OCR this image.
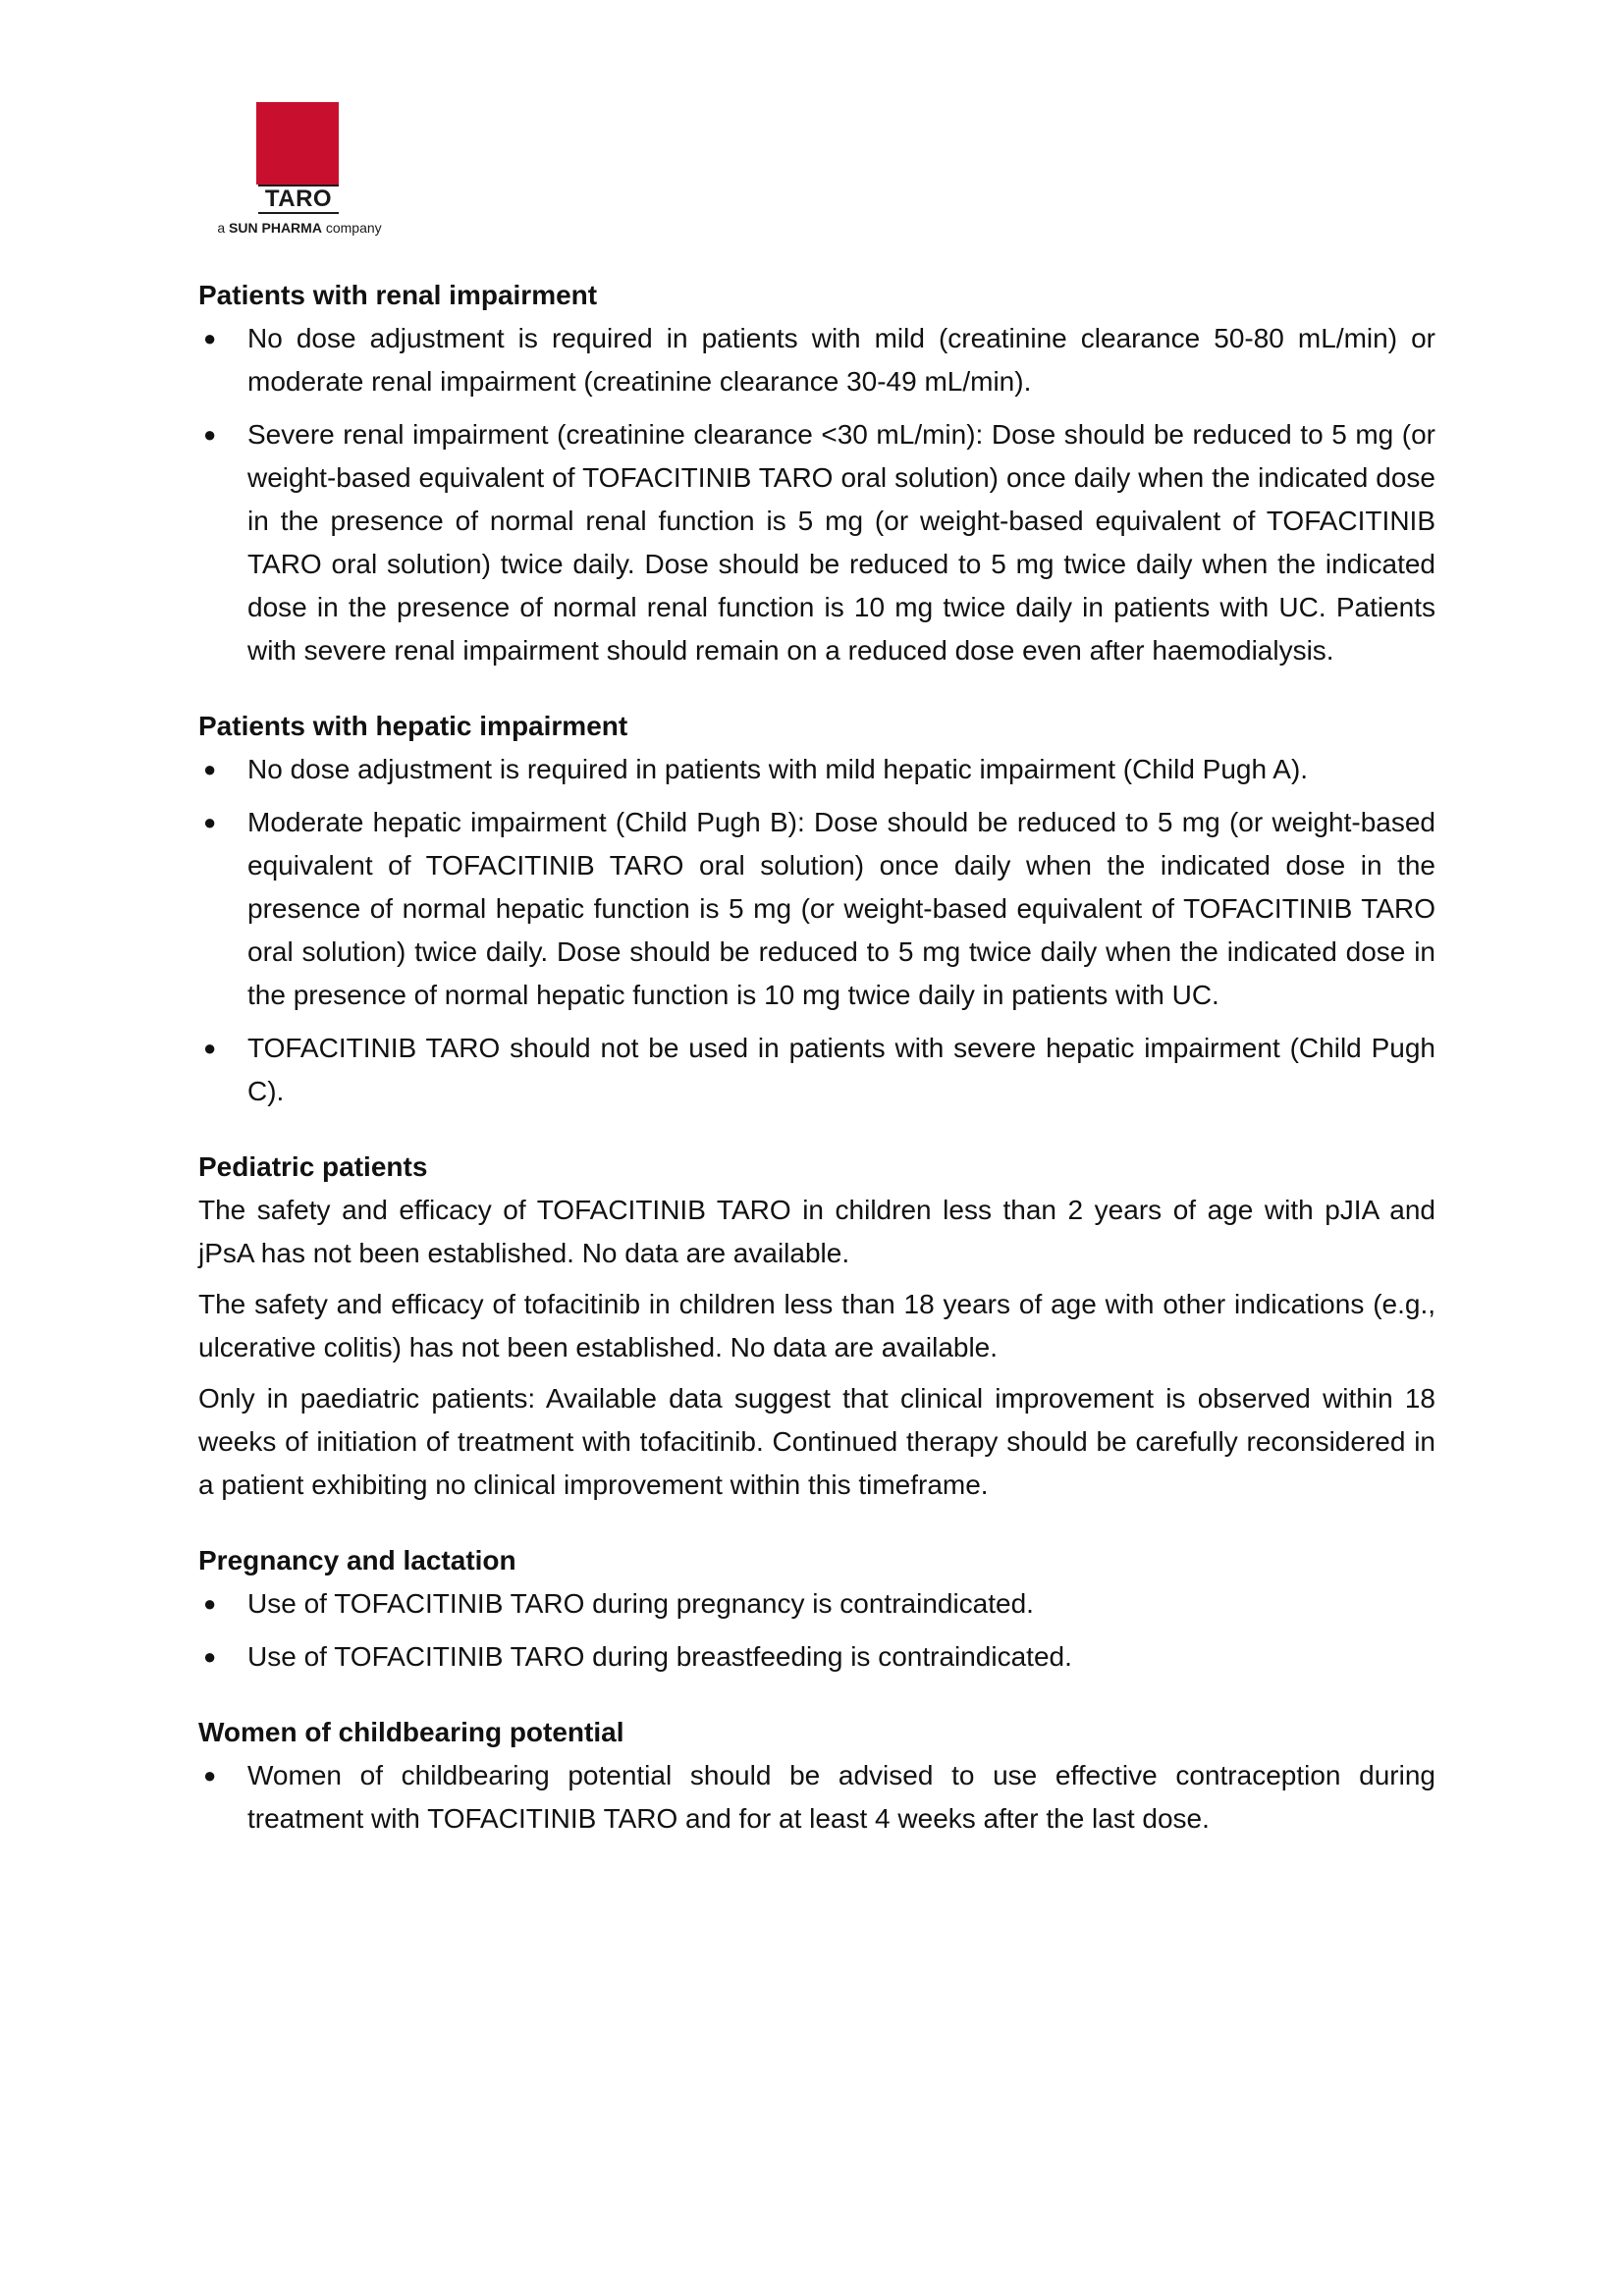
TARO
a SUN PHARMA company
Patients with renal impairment
● No dose adjustment is required in patients with mild (creatinine clearance 50-80 mL/min) or moderate renal impairment (creatinine clearance 30-49 mL/min).
● Severe renal impairment (creatinine clearance <30 mL/min): Dose should be reduced to 5 mg (or weight-based equivalent of TOFACITINIB TARO oral solution) once daily when the indicated dose in the presence of normal renal function is 5 mg (or weight-based equivalent of TOFACITINIB TARO oral solution) twice daily. Dose should be reduced to 5 mg twice daily when the indicated dose in the presence of normal renal function is 10 mg twice daily in patients with UC. Patients with severe renal impairment should remain on a reduced dose even after haemodialysis.
Patients with hepatic impairment
● No dose adjustment is required in patients with mild hepatic impairment (Child Pugh A).
● Moderate hepatic impairment (Child Pugh B): Dose should be reduced to 5 mg (or weight-based equivalent of TOFACITINIB TARO oral solution) once daily when the indicated dose in the presence of normal hepatic function is 5 mg (or weight-based equivalent of TOFACITINIB TARO oral solution) twice daily. Dose should be reduced to 5 mg twice daily when the indicated dose in the presence of normal hepatic function is 10 mg twice daily in patients with UC.
● TOFACITINIB TARO should not be used in patients with severe hepatic impairment (Child Pugh C).
Pediatric patients

The safety and efficacy of TOFACITINIB TARO in children less than 2 years of age with pJIA and jPsA has not been established. No data are available.

The safety and efficacy of tofacitinib in children less than 18 years of age with other indications (e.g., ulcerative colitis) has not been established. No data are available.

Only in paediatric patients: Available data suggest that clinical improvement is observed within 18 weeks of initiation of treatment with tofacitinib. Continued therapy should be carefully reconsidered in a patient exhibiting no clinical improvement within this timeframe.

Pregnancy and lactation
● Use of TOFACITINIB TARO during pregnancy is contraindicated.
● Use of TOFACITINIB TARO during breastfeeding is contraindicated.
Women of childbearing potential
● Women of childbearing potential should be advised to use effective contraception during treatment with TOFACITINIB TARO and for at least 4 weeks after the last dose.
